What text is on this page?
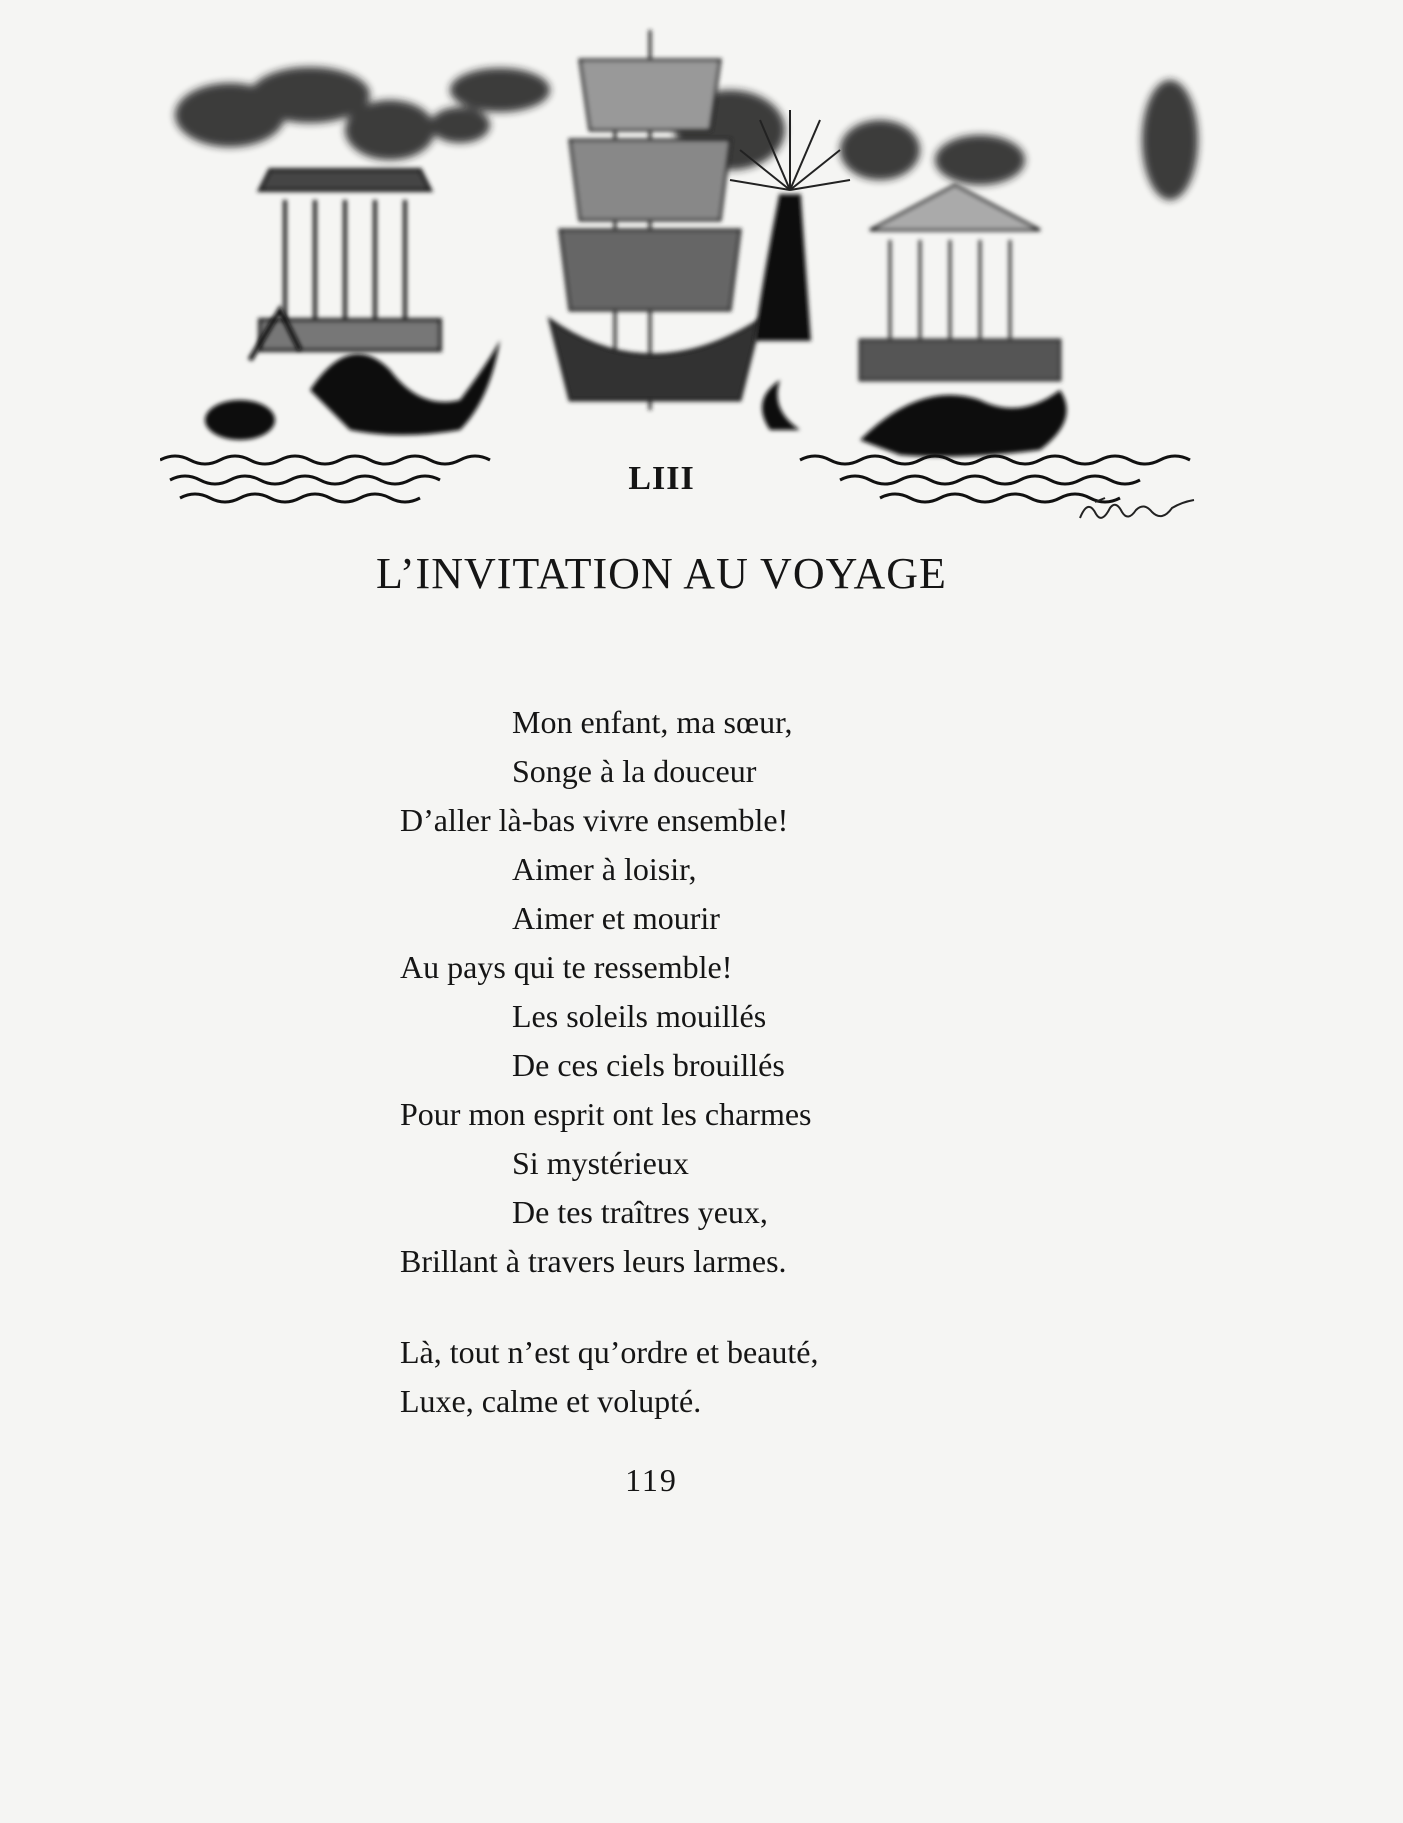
LIII
L’INVITATION AU VOYAGE
Mon enfant, ma sœur,
Songe à la douceur
D’aller là-bas vivre ensemble!
Aimer à loisir,
Aimer et mourir
Au pays qui te ressemble!
Les soleils mouillés
De ces ciels brouillés
Pour mon esprit ont les charmes
Si mystérieux
De tes traîtres yeux,
Brillant à travers leurs larmes.
Là, tout n’est qu’ordre et beauté,
Luxe, calme et volupté.
119
